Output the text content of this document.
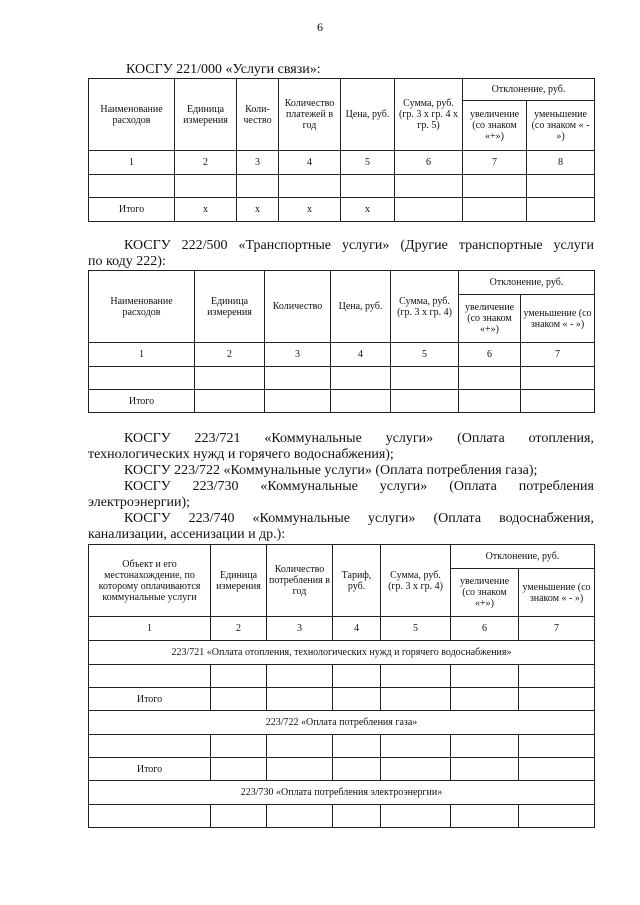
6
КОСГУ 221/000 «Услуги связи»:
Наименование расходов	Единица измерения	Коли-чество	Количество платежей в год	Цена, руб.	Сумма, руб. (гр. 3 х гр. 4 х гр. 5)	Отклонение, руб.	
						увеличение (со знаком «+»)	уменьшение (со знаком « - »)
1	2	3	4	5	6	7	8

Итого	х	х	х	х			
КОСГУ 222/500 «Транспортные услуги» (Другие транспортные услуги
по коду 222):
Наименование расходов	Единица измерения	Количество	Цена, руб.	Сумма, руб. (гр. 3 х гр. 4)	Отклонение, руб.	
					увеличение (со знаком «+»)	уменьшение (со знаком « - »)
1	2	3	4	5	6	7

Итого						
КОСГУ 223/721 «Коммунальные услуги» (Оплата отопления,
технологических нужд и горячего водоснабжения);
КОСГУ 223/722 «Коммунальные услуги» (Оплата потребления газа);
КОСГУ 223/730 «Коммунальные услуги» (Оплата потребления
электроэнергии);
КОСГУ 223/740 «Коммунальные услуги» (Оплата водоснабжения,
канализации, ассенизации и др.):
Объект и его местонахождение, по которому оплачиваются коммунальные услуги	Единица измерения	Количество потребления в год	Тариф, руб.	Сумма, руб. (гр. 3 х гр. 4)	Отклонение, руб.	
					увеличение (со знаком «+»)	уменьшение (со знаком « - »)
1	2	3	4	5	6	7
223/721 «Оплата отопления, технологических нужд и горячего водоснабжения»						

Итого						
223/722 «Оплата потребления газа»						

Итого						
223/730 «Оплата потребления электроэнергии»						
